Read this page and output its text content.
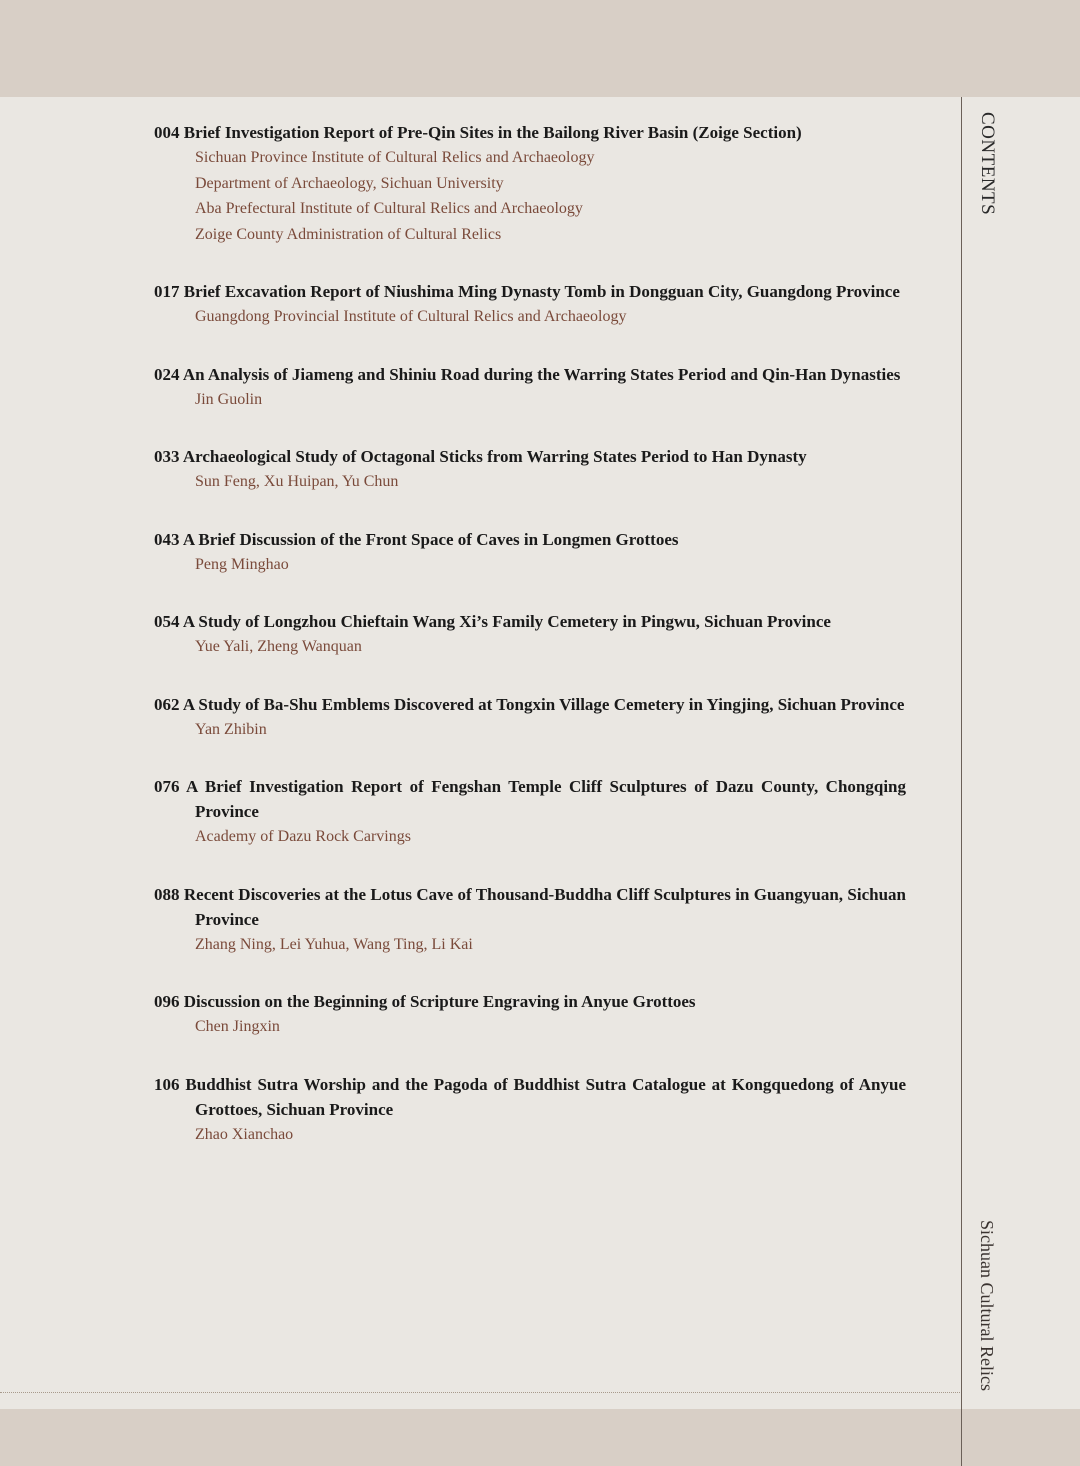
CONTENTS
Sichuan Cultural Relics
004 Brief Investigation Report of Pre-Qin Sites in the Bailong River Basin (Zoige Section)
Sichuan Province Institute of Cultural Relics and Archaeology
Department of Archaeology, Sichuan University
Aba Prefectural Institute of Cultural Relics and Archaeology
Zoige County Administration of Cultural Relics
017 Brief Excavation Report of Niushima Ming Dynasty Tomb in Dongguan City, Guangdong Province
Guangdong Provincial Institute of Cultural Relics and Archaeology
024 An Analysis of Jiameng and Shiniu Road during the Warring States Period and Qin-Han Dynasties
Jin Guolin
033 Archaeological Study of Octagonal Sticks from Warring States Period to Han Dynasty
Sun Feng, Xu Huipan, Yu Chun
043 A Brief Discussion of the Front Space of Caves in Longmen Grottoes
Peng Minghao
054 A Study of Longzhou Chieftain Wang Xi’s Family Cemetery in Pingwu, Sichuan Province
Yue Yali, Zheng Wanquan
062 A Study of Ba-Shu Emblems Discovered at Tongxin Village Cemetery in Yingjing, Sichuan Province
Yan Zhibin
076 A Brief Investigation Report of Fengshan Temple Cliff Sculptures of Dazu County, Chongqing Province
Academy of Dazu Rock Carvings
088 Recent Discoveries at the Lotus Cave of Thousand-Buddha Cliff Sculptures in Guangyuan, Sichuan Province
Zhang Ning, Lei Yuhua, Wang Ting, Li Kai
096 Discussion on the Beginning of Scripture Engraving in Anyue Grottoes
Chen Jingxin
106 Buddhist Sutra Worship and the Pagoda of Buddhist Sutra Catalogue at Kongquedong of Anyue Grottoes, Sichuan Province
Zhao Xianchao
